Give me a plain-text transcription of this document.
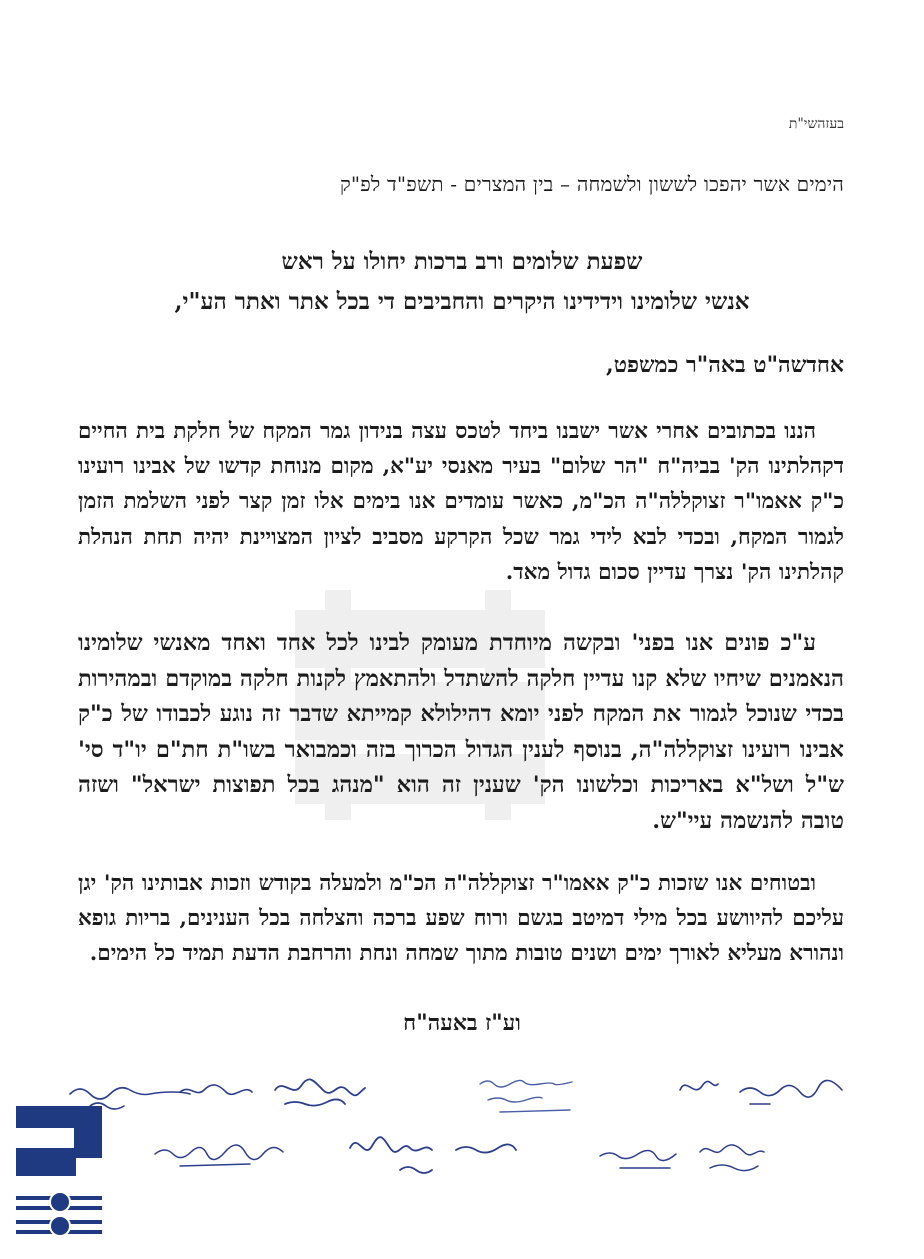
בעזהשי"ת
הימים אשר יהפכו לששון ולשמחה – בין המצרים - תשפ"ד לפ"ק
שפעת שלומים ורב ברכות יחולו על ראש
אנשי שלומינו וידידינו היקרים והחביבים די בכל אתר ואתר הע"י,
אחדשה"ט באה"ר כמשפט,
הננו בכתובים אחרי אשר ישבנו ביחד לטכס עצה בנידון גמר המקח של חלקת בית החיים דקהלתינו הק' בביה"ח "הר שלום" בעיר מאנסי יע"א, מקום מנוחת קדשו של אבינו רועינו כ"ק אאמו"ר זצוקללה"ה הכ"מ, כאשר עומדים אנו בימים אלו זמן קצר לפני השלמת הזמן לגמור המקח, ובכדי לבא לידי גמר שכל הקרקע מסביב לציון המצויינת יהיה תחת הנהלת קהלתינו הק' נצרך עדיין סכום גדול מאד.
ע"כ פונים אנו בפני' ובקשה מיוחדת מעומק לבינו לכל אחד ואחד מאנשי שלומינו הנאמנים שיחיו שלא קנו עדיין חלקה להשתדל ולהתאמץ לקנות חלקה במוקדם ובמהירות בכדי שנוכל לגמור את המקח לפני יומא דהילולא קמייתא שדבר זה נוגע לכבודו של כ"ק אבינו רועינו זצוקללה"ה, בנוסף לענין הגדול הכרוך בזה וכמבואר בשו"ת חת"ם יו"ד סי' ש"ל ושל"א באריכות וכלשונו הק' שענין זה הוא "מנהג בכל תפוצות ישראל" ושזה טובה להנשמה עיי"ש.
ובטוחים אנו שזכות כ"ק אאמו"ר זצוקללה"ה הכ"מ ולמעלה בקודש וזכות אבותינו הק' יגן עליכם להיוושע בכל מילי דמיטב בגשם ורוח שפע ברכה והצלחה בכל הענינים, בריות גופא ונהורא מעליא לאורך ימים ושנים טובות מתוך שמחה ונחת והרחבת הדעת תמיד כל הימים.
וע"ז באעה"ח
